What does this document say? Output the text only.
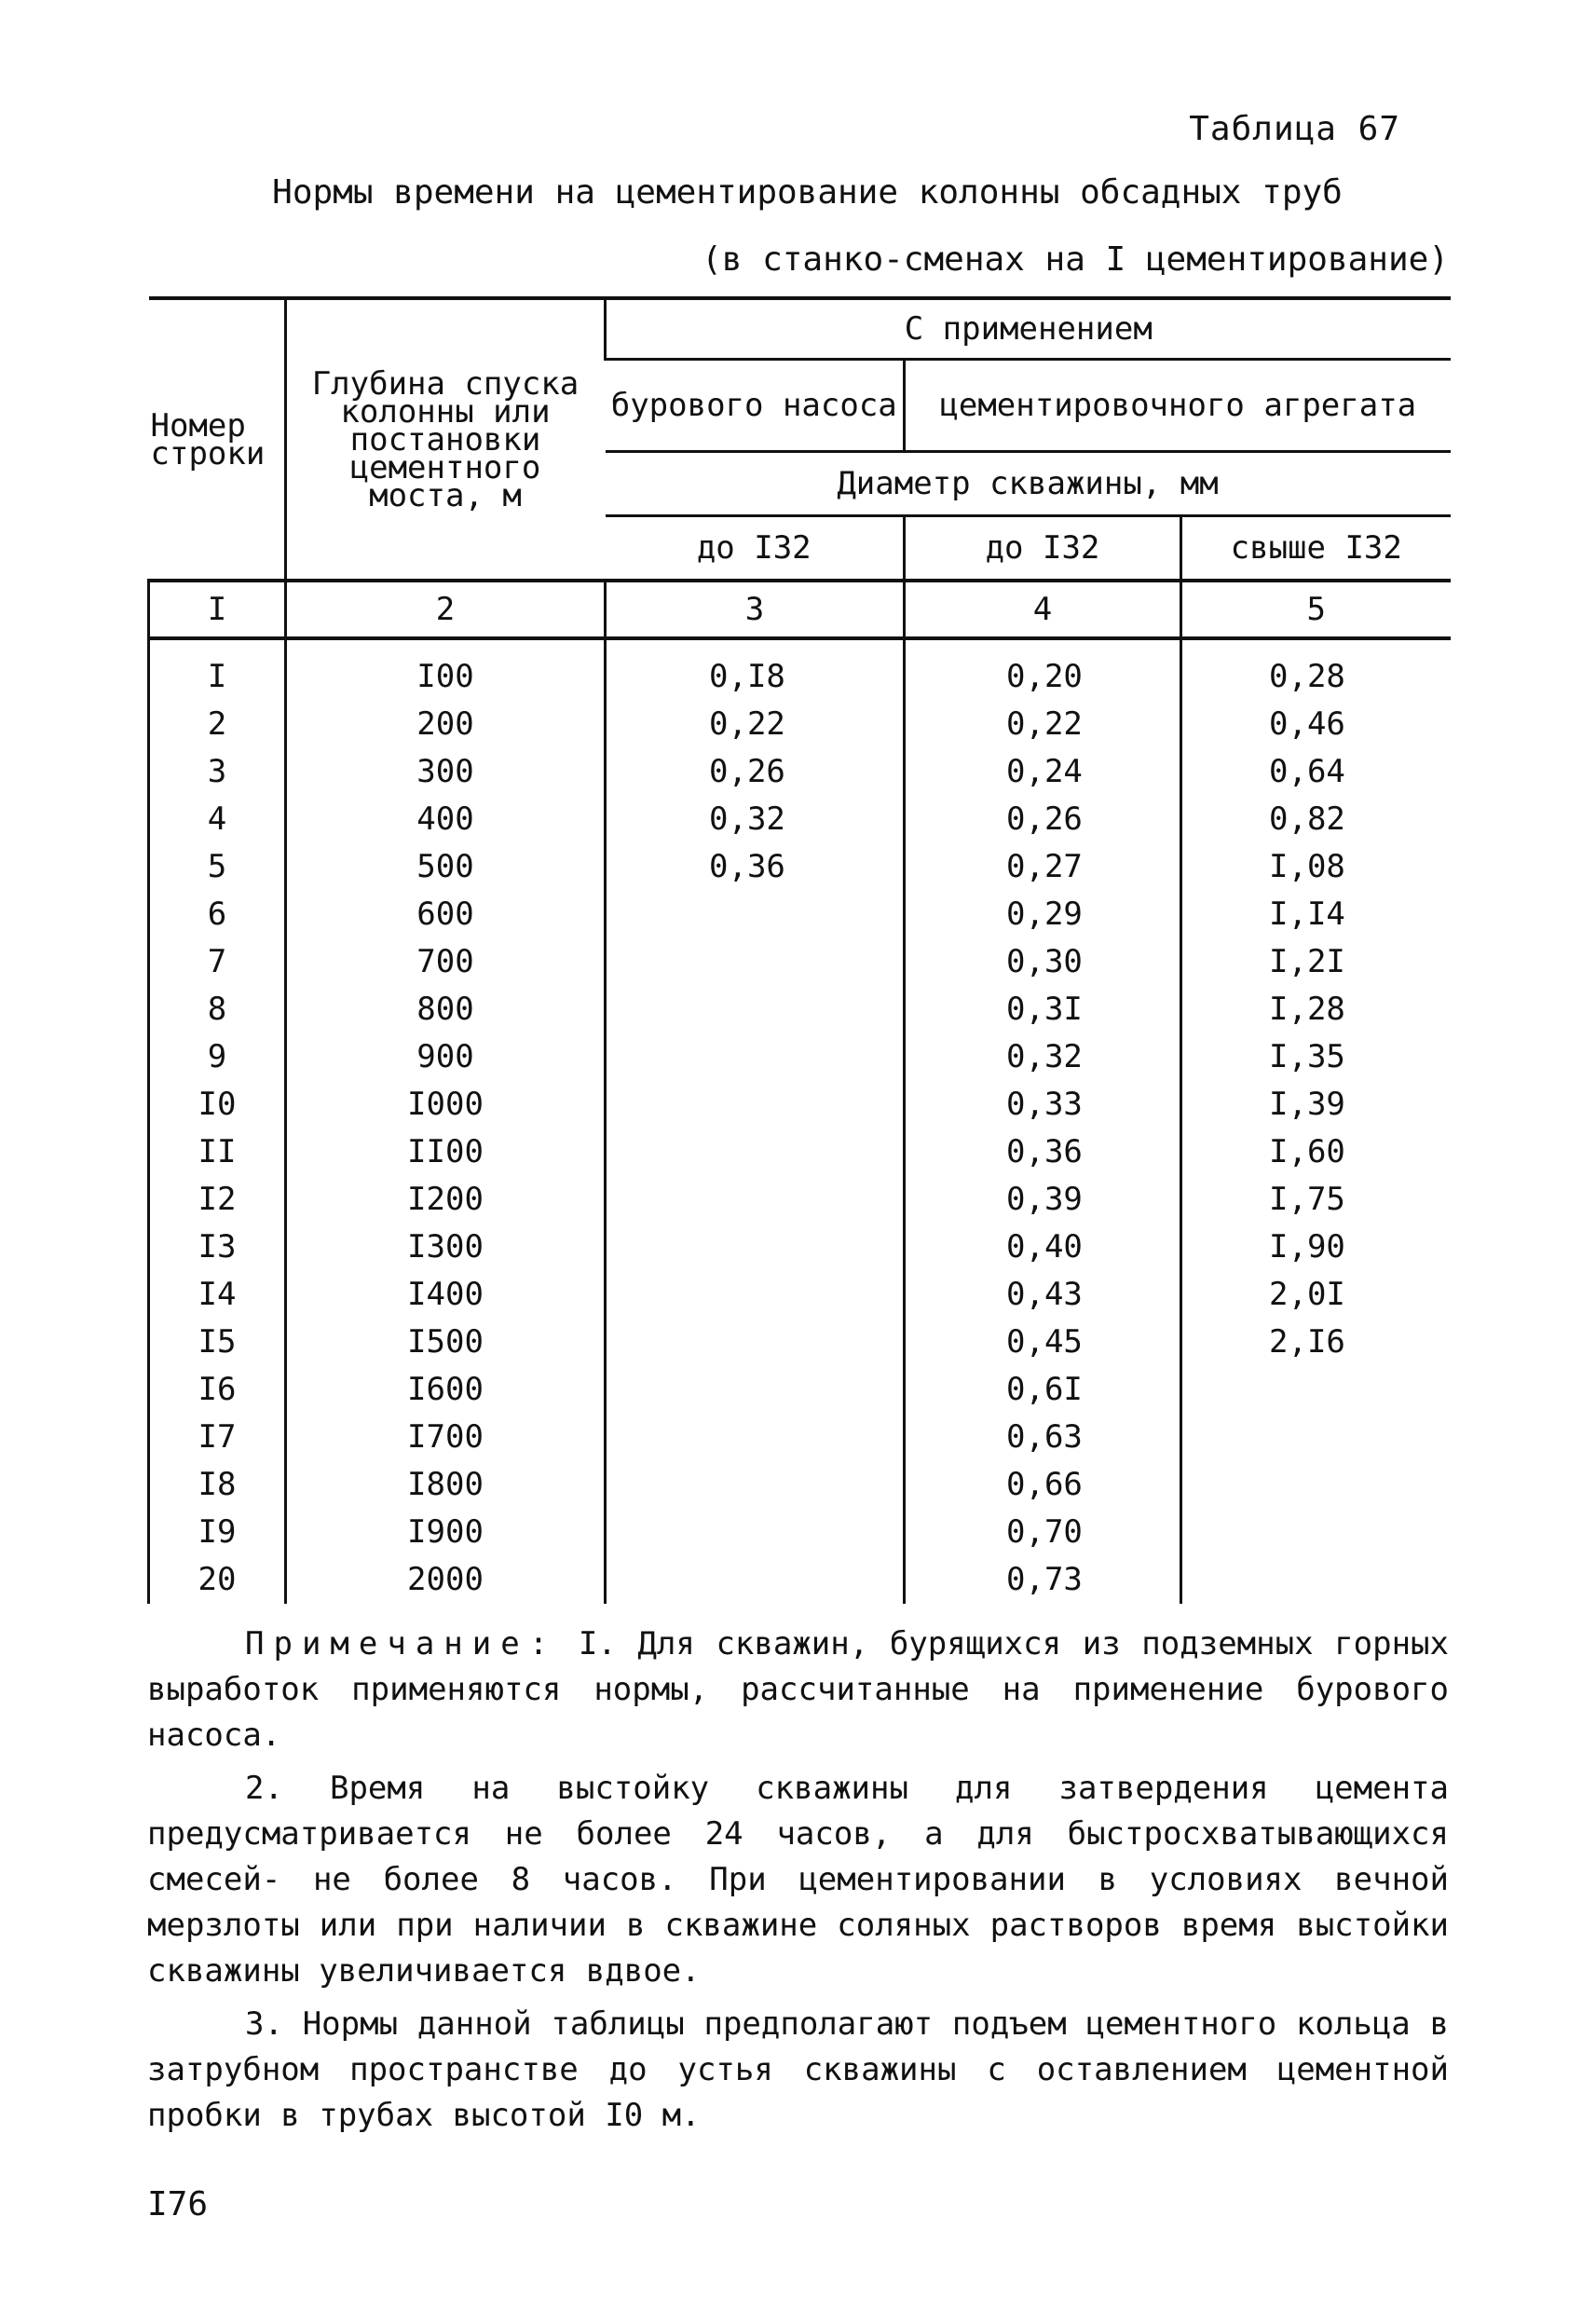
Таблица 67
Нормы времени на цементирование колонны обсадных труб
(в станко-сменах на I цементирование)
Номер строки	Глубина спуска колонны или постановки цементного моста, м	С применением		
		бурового насоса	цементировочного агрегата	
		Диаметр скважины, мм		
		до I32	до I32	свыше I32
I	2	3	4	5
I	I00	0,I8	0,20	0,28
2	200	0,22	0,22	0,46
3	300	0,26	0,24	0,64
4	400	0,32	0,26	0,82
5	500	0,36	0,27	I,08
6	600		0,29	I,I4
7	700		0,30	I,2I
8	800		0,3I	I,28
9	900		0,32	I,35
I0	I000		0,33	I,39
II	II00		0,36	I,60
I2	I200		0,39	I,75
I3	I300		0,40	I,90
I4	I400		0,43	2,0I
I5	I500		0,45	2,I6
I6	I600		0,6I	
I7	I700		0,63	
I8	I800		0,66	
I9	I900		0,70	
20	2000		0,73	

Примечание: I. Для скважин, бурящихся из подземных горных выработок применяются нормы, рассчитанные на применение бурового насоса.

2. Время на выстойку скважины для затвердения цемента предусматривается не более 24 часов, а для быстросхватывающихся смесей- не более 8 часов. При цементировании в условиях вечной мерзлоты или при наличии в скважине соляных растворов время выстойки скважины увеличивается вдвое.

3. Нормы данной таблицы предполагают подъем цементного кольца в затрубном пространстве до устья скважины с оставлением цементной пробки в трубах высотой I0 м.

I76
